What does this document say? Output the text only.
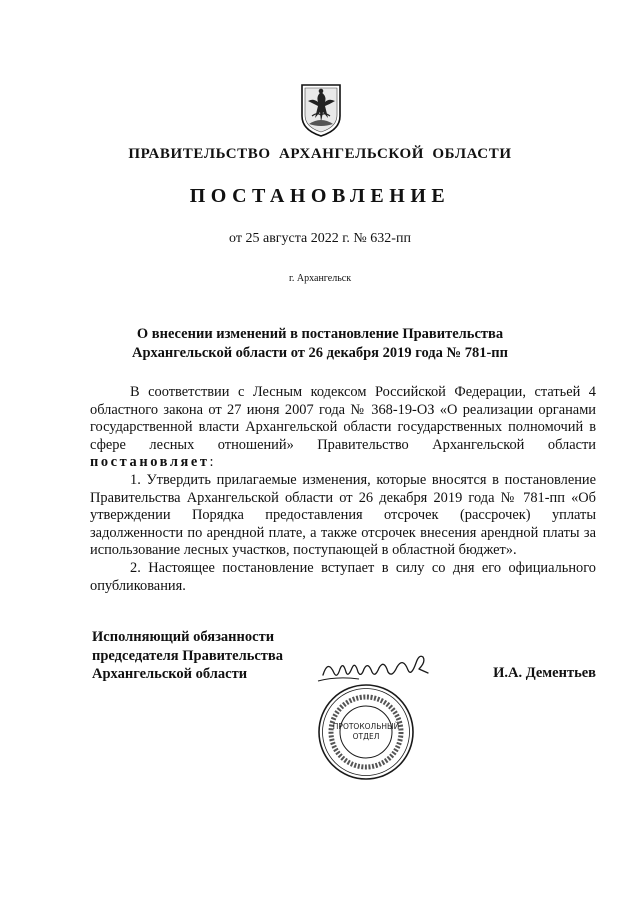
ПРАВИТЕЛЬСТВО АРХАНГЕЛЬСКОЙ ОБЛАСТИ
ПОСТАНОВЛЕНИЕ
от 25 августа 2022 г. № 632-пп
г. Архангельск
О внесении изменений в постановление Правительства Архангельской области от 26 декабря 2019 года № 781-пп

В соответствии с Лесным кодексом Российской Федерации, статьей 4 областного закона от 27 июня 2007 года № 368-19-ОЗ «О реализации органами государственной власти Архангельской области государственных полномочий в сфере лесных отношений» Правительство Архангельской области постановляет:

1. Утвердить прилагаемые изменения, которые вносятся в постановление Правительства Архангельской области от 26 декабря 2019 года № 781-пп «Об утверждении Порядка предоставления отсрочек (рассрочек) уплаты задолженности по арендной плате, а также отсрочек внесения арендной платы за использование лесных участков, поступающей в областной бюджет».

2. Настоящее постановление вступает в силу со дня его официального опубликования.

Исполняющий обязанности
председателя Правительства
Архангельской области	И.А. Дементьев
ПРОТОКОЛЬНЫЙ
ОТДЕЛ
